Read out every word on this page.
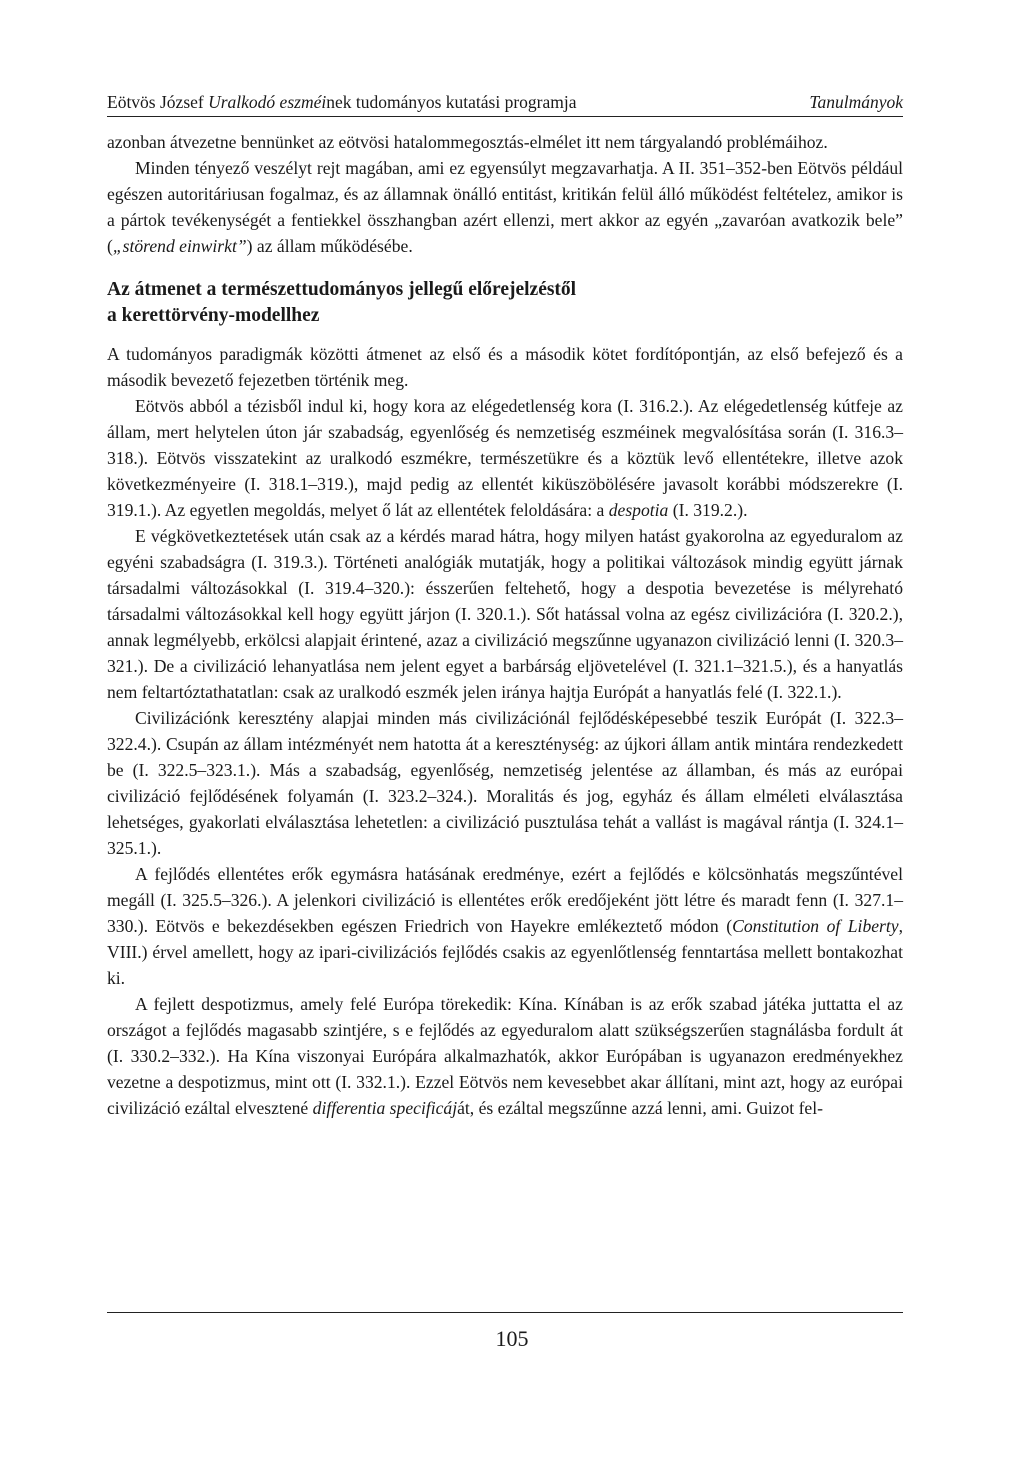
Eötvös József Uralkodó eszméinek tudományos kutatási programja	Tanulmányok

azonban átvezetne bennünket az eötvösi hatalommegosztás-elmélet itt nem tárgyalandó problémáihoz.

Minden tényező veszélyt rejt magában, ami ez egyensúlyt megzavarhatja. A II. 351–352-ben Eötvös például egészen autoritáriusan fogalmaz, és az államnak önálló entitást, kritikán felül álló működést feltételez, amikor is a pártok tevékenységét a fentiekkel összhangban azért ellenzi, mert akkor az egyén „zavaróan avatkozik bele” („störend einwirkt”) az állam működésébe.

Az átmenet a természettudományos jellegű előrejelzéstől
a kerettörvény-modellhez

A tudományos paradigmák közötti átmenet az első és a második kötet fordítópontján, az első befejező és a második bevezető fejezetben történik meg.

Eötvös abból a tézisből indul ki, hogy kora az elégedetlenség kora (I. 316.2.). Az elégedetlenség kútfeje az állam, mert helytelen úton jár szabadság, egyenlőség és nemzetiség eszméinek megvalósítása során (I. 316.3–318.). Eötvös visszatekint az uralkodó eszmékre, természetükre és a köztük levő ellentétekre, illetve azok következményeire (I. 318.1–319.), majd pedig az ellentét kiküszöbölésére javasolt korábbi módszerekre (I. 319.1.). Az egyetlen megoldás, melyet ő lát az ellentétek feloldására: a despotia (I. 319.2.).

E végkövetkeztetések után csak az a kérdés marad hátra, hogy milyen hatást gyakorolna az egyeduralom az egyéni szabadságra (I. 319.3.). Történeti analógiák mutatják, hogy a politikai változások mindig együtt járnak társadalmi változásokkal (I. 319.4–320.): ésszerűen feltehető, hogy a despotia bevezetése is mélyreható társadalmi változásokkal kell hogy együtt járjon (I. 320.1.). Sőt hatással volna az egész civilizációra (I. 320.2.), annak legmélyebb, erkölcsi alapjait érintené, azaz a civilizáció megszűnne ugyanazon civilizáció lenni (I. 320.3–321.). De a civilizáció lehanyatlása nem jelent egyet a barbárság eljövetelével (I. 321.1–321.5.), és a hanyatlás nem feltartóztathatatlan: csak az uralkodó eszmék jelen iránya hajtja Európát a hanyatlás felé (I. 322.1.).

Civilizációnk keresztény alapjai minden más civilizációnál fejlődésképesebbé teszik Európát (I. 322.3–322.4.). Csupán az állam intézményét nem hatotta át a kereszténység: az újkori állam antik mintára rendezkedett be (I. 322.5–323.1.). Más a szabadság, egyenlőség, nemzetiség jelentése az államban, és más az európai civilizáció fejlődésének folyamán (I. 323.2–324.). Moralitás és jog, egyház és állam elméleti elválasztása lehetséges, gyakorlati elválasztása lehetetlen: a civilizáció pusztulása tehát a vallást is magával rántja (I. 324.1–325.1.).

A fejlődés ellentétes erők egymásra hatásának eredménye, ezért a fejlődés e kölcsönhatás megszűntével megáll (I. 325.5–326.). A jelenkori civilizáció is ellentétes erők eredőjeként jött létre és maradt fenn (I. 327.1–330.). Eötvös e bekezdésekben egészen Friedrich von Hayekre emlékeztető módon (Constitution of Liberty, VIII.) érvel amellett, hogy az ipari-civilizációs fejlődés csakis az egyenlőtlenség fenntartása mellett bontakozhat ki.

A fejlett despotizmus, amely felé Európa törekedik: Kína. Kínában is az erők szabad játéka juttatta el az országot a fejlődés magasabb szintjére, s e fejlődés az egyeduralom alatt szükségszerűen stagnálásba fordult át (I. 330.2–332.). Ha Kína viszonyai Európára alkalmazhatók, akkor Európában is ugyanazon eredményekhez vezetne a despotizmus, mint ott (I. 332.1.). Ezzel Eötvös nem kevesebbet akar állítani, mint azt, hogy az európai civilizáció ezáltal elvesztené differentia specificáját, és ezáltal megszűnne azzá lenni, ami. Guizot fel-

105
